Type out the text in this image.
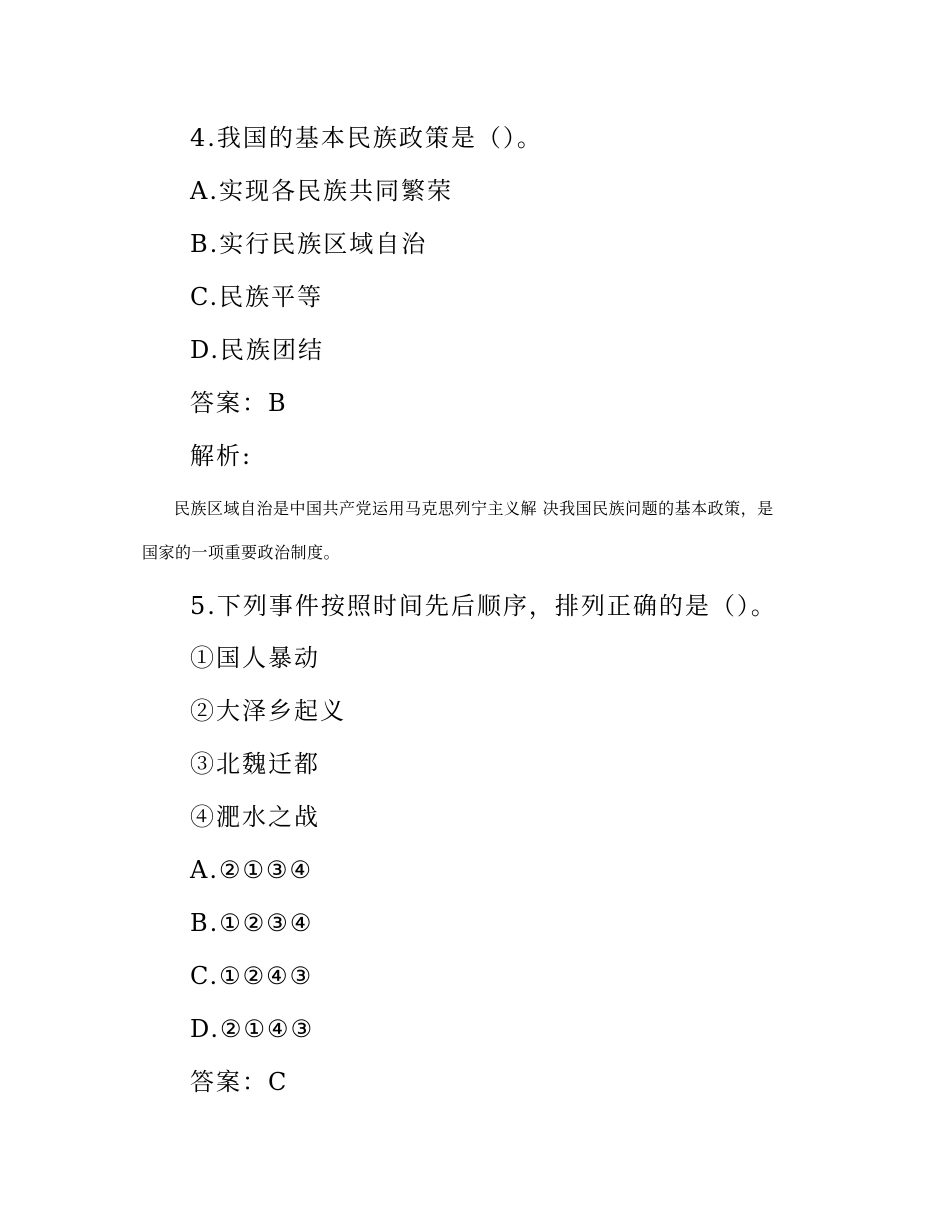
4.我国的基本民族政策是（）。
A.实现各民族共同繁荣
B.实行民族区域自治
C.民族平等
D.民族团结
答案：B
解析:
民族区域自治是中国共产党运用马克思列宁主义解 决我国民族问题的基本政策，是
国家的一项重要政治制度。
5.下列事件按照时间先后顺序，排列正确的是（）。
①国人暴动
②大泽乡起义
③北魏迁都
④淝水之战
A.②①③④
B.①②③④
C.①②④③
D.②①④③
答案：C
